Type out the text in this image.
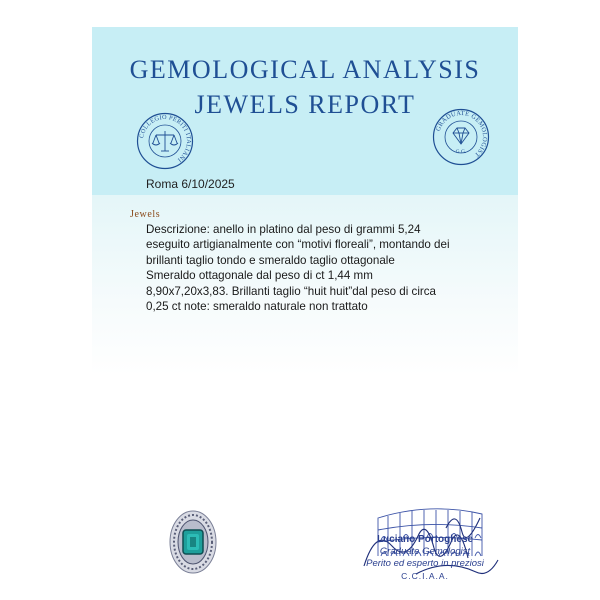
GEMOLOGICAL ANALYSIS
JEWELS REPORT
COLLEGIO PERITI ITALIANI
GRADUATE GEMOLOGIST
G.G.
Roma 6/10/2025
Jewels

Descrizione: anello in platino dal peso di grammi 5,24

eseguito artigianalmente con “motivi floreali”, montando dei

brillanti taglio tondo e smeraldo taglio ottagonale

Smeraldo ottagonale dal peso di ct 1,44 mm

8,90x7,20x3,83. Brillanti taglio “huit huit”dal peso di circa

0,25 ct note: smeraldo naturale non trattato

Luciano Portoghese
Graduate Gemologist
Perito ed esperto in preziosi
C.C.I.A.A.
